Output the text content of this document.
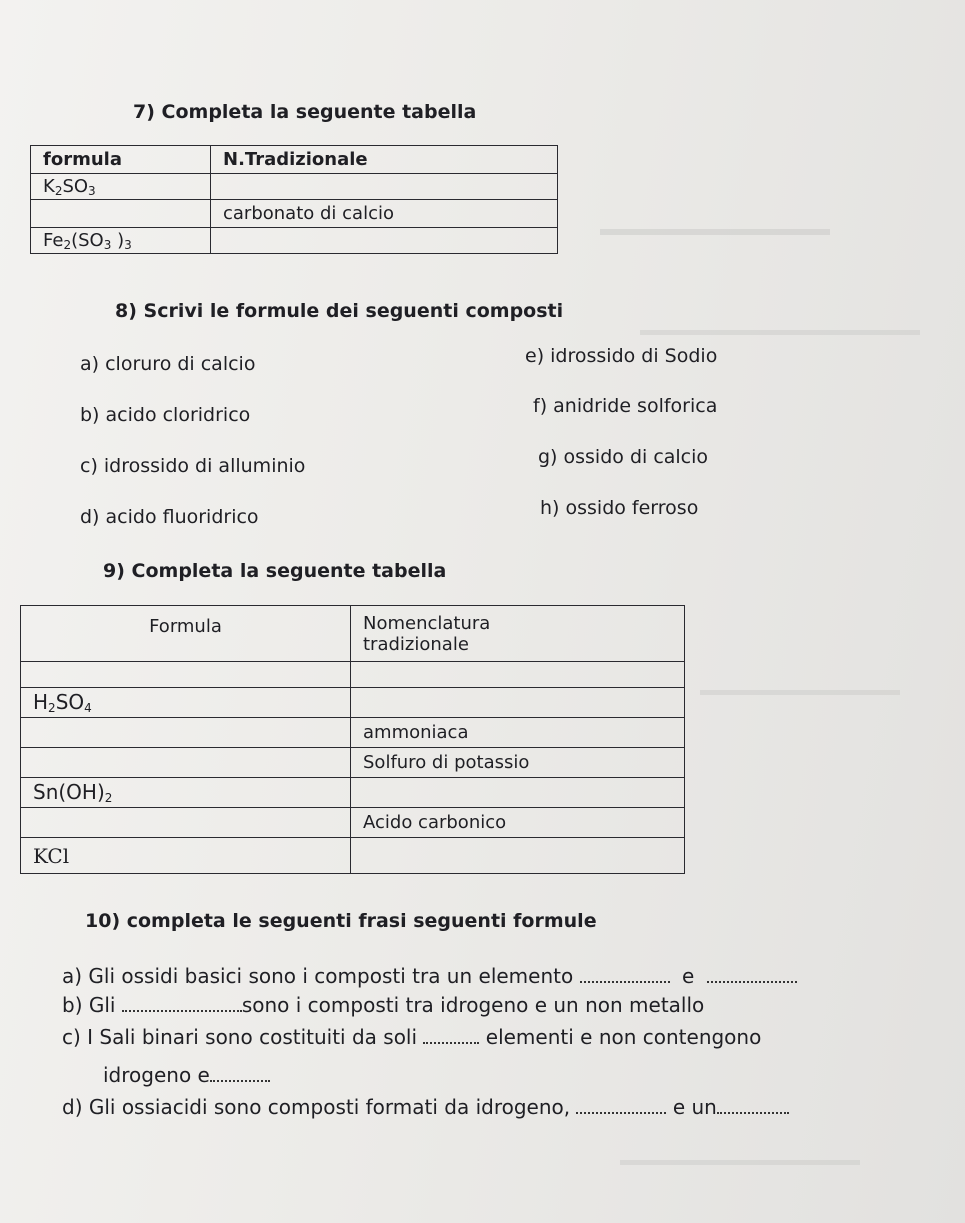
7) Completa la seguente tabella
formula	N.Tradizionale
$K_2SO_3$	
	carbonato di calcio
$Fe_2(SO_3$ )$_3$	
8) Scrivi le formule dei seguenti composti
a) cloruro di calcio
b) acido cloridrico
c) idrossido di alluminio
d) acido fluoridrico
e) idrossido di Sodio
f) anidride solforica
g) ossido di calcio
h) ossido ferroso
9) Completa la seguente tabella
Formula	Nomenclatura
tradizionale

$H_2SO_4$	
	ammoniaca
	Solfuro di potassio
$Sn(OH)_2$	
	Acido carbonico
KCl	
10) completa le seguenti frasi seguenti formule
a) Gli ossidi basici sono i composti tra un elemento	e
b) Gli	sono i composti tra idrogeno e un non metallo
c) I Sali binari sono costituiti da soli	elementi e non contengono
idrogeno e
d) Gli ossiacidi sono composti formati da idrogeno,	e un
